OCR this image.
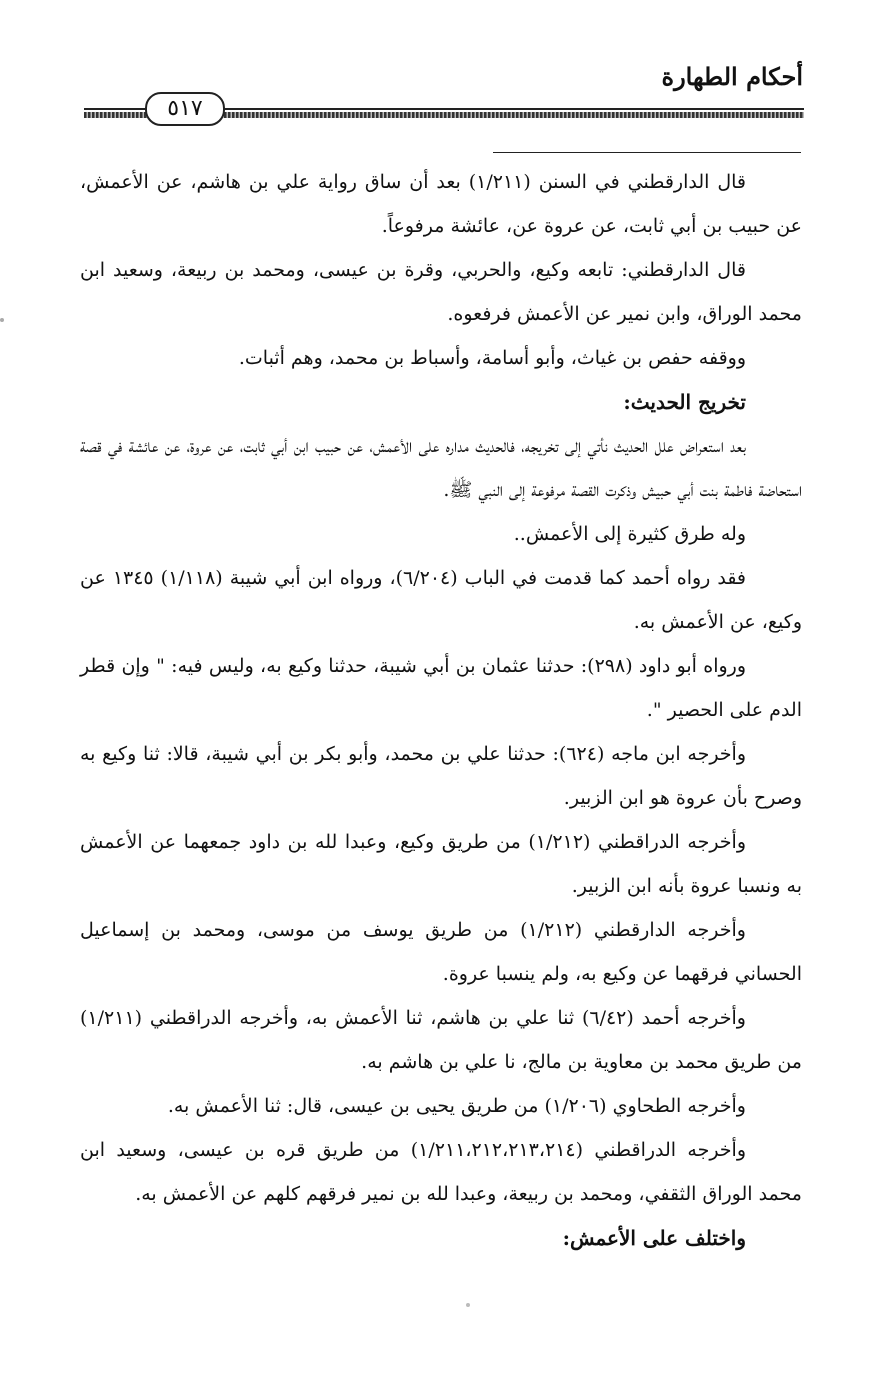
أحكام الطهارة
٥١٧

قال الدارقطني في السنن (١/٢١١) بعد أن ساق رواية علي بن هاشم، عن الأعمش، عن حبيب بن أبي ثابت، عن عروة عن، عائشة مرفوعاً.

قال الدارقطني: تابعه وكيع، والحربي، وقرة بن عيسى، ومحمد بن ربيعة، وسعيد ابن محمد الوراق، وابن نمير عن الأعمش فرفعوه.

ووقفه حفص بن غياث، وأبو أسامة، وأسباط بن محمد، وهم أثبات.

تخريج الحديث:

بعد استعراض علل الحديث نأتي إلى تخريجه، فالحديث مداره على الأعمش، عن حبيب ابن أبي ثابت، عن عروة، عن عائشة في قصة استحاضة فاطمة بنت أبي حبيش وذكرت القصة مرفوعة إلى النبي ﷺ.

وله طرق كثيرة إلى الأعمش..

فقد رواه أحمد كما قدمت في الباب (٦/٢٠٤)، ورواه ابن أبي شيبة (١/١١٨) ١٣٤٥ عن وكيع، عن الأعمش به.

ورواه أبو داود (٢٩٨): حدثنا عثمان بن أبي شيبة، حدثنا وكيع به، وليس فيه: " وإن قطر الدم على الحصير ".

وأخرجه ابن ماجه (٦٢٤): حدثنا علي بن محمد، وأبو بكر بن أبي شيبة، قالا: ثنا وكيع به وصرح بأن عروة هو ابن الزبير.

وأخرجه الدراقطني (١/٢١٢) من طريق وكيع، وعبدا لله بن داود جمعهما عن الأعمش به ونسبا عروة بأنه ابن الزبير.

وأخرجه الدارقطني (١/٢١٢) من طريق يوسف من موسى، ومحمد بن إسماعيل الحساني فرقهما عن وكيع به، ولم ينسبا عروة.

وأخرجه أحمد (٦/٤٢) ثنا علي بن هاشم، ثنا الأعمش به، وأخرجه الدراقطني (١/٢١١) من طريق محمد بن معاوية بن مالج، نا علي بن هاشم به.

وأخرجه الطحاوي (١/٢٠٦) من طريق يحيى بن عيسى، قال: ثنا الأعمش به.

وأخرجه الدراقطني (١/٢١١،٢١٢،٢١٣،٢١٤) من طريق قره بن عيسى، وسعيد ابن محمد الوراق الثقفي، ومحمد بن ربيعة، وعبدا لله بن نمير فرقهم كلهم عن الأعمش به.

واختلف على الأعمش:
